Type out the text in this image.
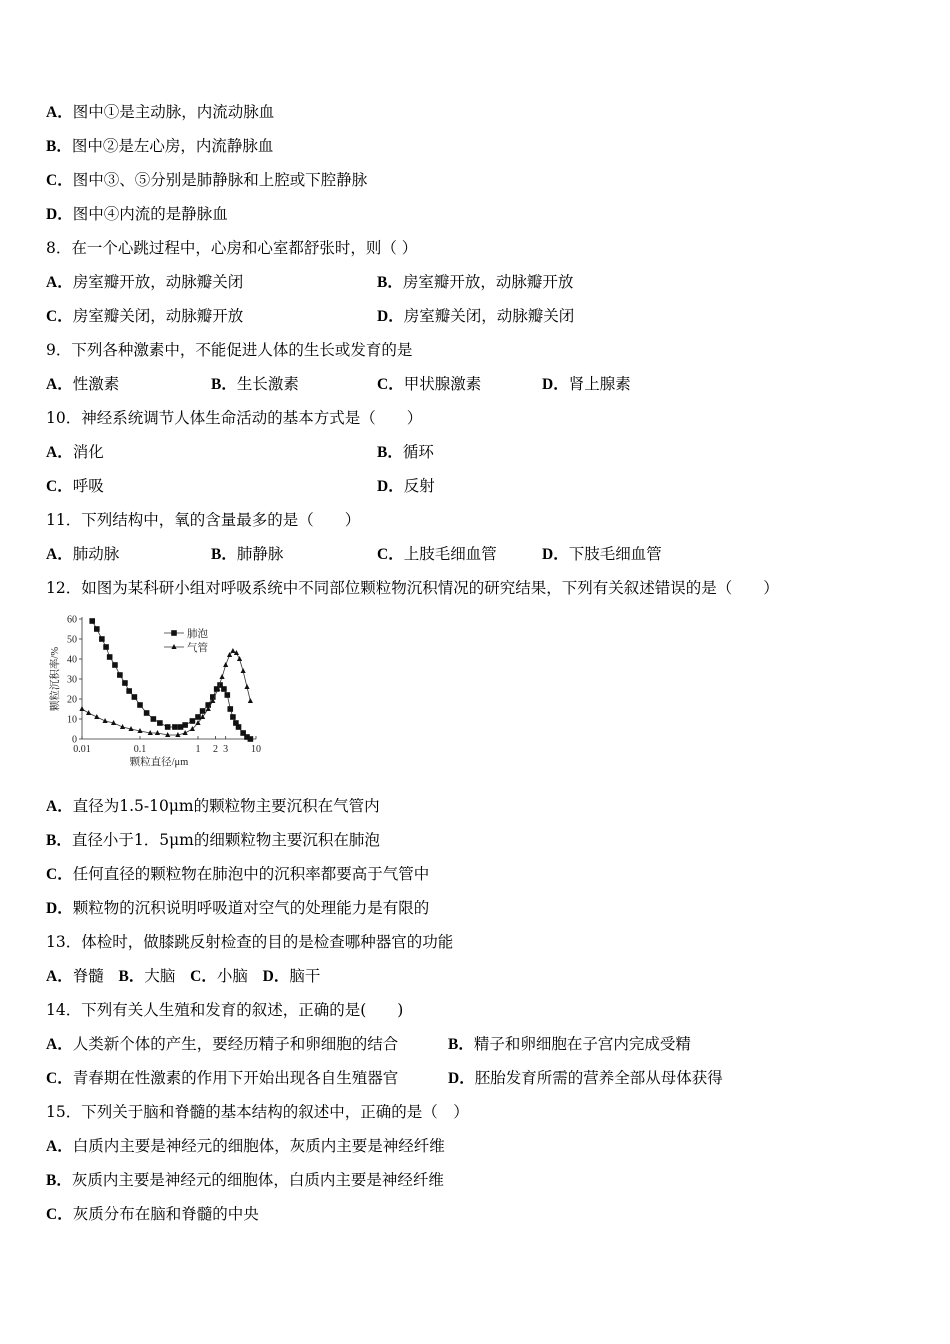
A．图中①是主动脉，内流动脉血
B．图中②是左心房，内流静脉血
C．图中③、⑤分别是肺静脉和上腔或下腔静脉
D．图中④内流的是静脉血
8．在一个心跳过程中，心房和心室都舒张时，则（ ）
A．房室瓣开放，动脉瓣关闭	B．房室瓣开放，动脉瓣开放
C．房室瓣关闭，动脉瓣开放	D．房室瓣关闭，动脉瓣关闭
9．下列各种激素中，不能促进人体的生长或发育的是
A．性激素	B．生长激素	C．甲状腺激素	D．肾上腺素
10．神经系统调节人体生命活动的基本方式是（　　）
A．消化	B．循环
C．呼吸	D．反射
11．下列结构中，氧的含量最多的是（　　）
A．肺动脉	B．肺静脉	C．上肢毛细血管	D．下肢毛细血管
12．如图为某科研小组对呼吸系统中不同部位颗粒物沉积情况的研究结果，下列有关叙述错误的是（　　）
0
10
20
30
40
50
60
0.01	0.1	1 2 3 10
颗粒直径/μm
颗粒沉积率/%
肺泡
气管
A．直径为1.5-10μm的颗粒物主要沉积在气管内
B．直径小于1．5μm的细颗粒物主要沉积在肺泡
C．任何直径的颗粒物在肺泡中的沉积率都要高于气管中
D．颗粒物的沉积说明呼吸道对空气的处理能力是有限的
13．体检时，做膝跳反射检查的目的是检查哪种器官的功能
A．脊髓 B．大脑 C．小脑 D．脑干
14．下列有关人生殖和发育的叙述，正确的是(　　)
A．人类新个体的产生，要经历精子和卵细胞的结合	B．精子和卵细胞在子宫内完成受精
C．青春期在性激素的作用下开始出现各自生殖器官	D．胚胎发育所需的营养全部从母体获得
15．下列关于脑和脊髓的基本结构的叙述中，正确的是（　）
A．白质内主要是神经元的细胞体，灰质内主要是神经纤维
B．灰质内主要是神经元的细胞体，白质内主要是神经纤维
C．灰质分布在脑和脊髓的中央
